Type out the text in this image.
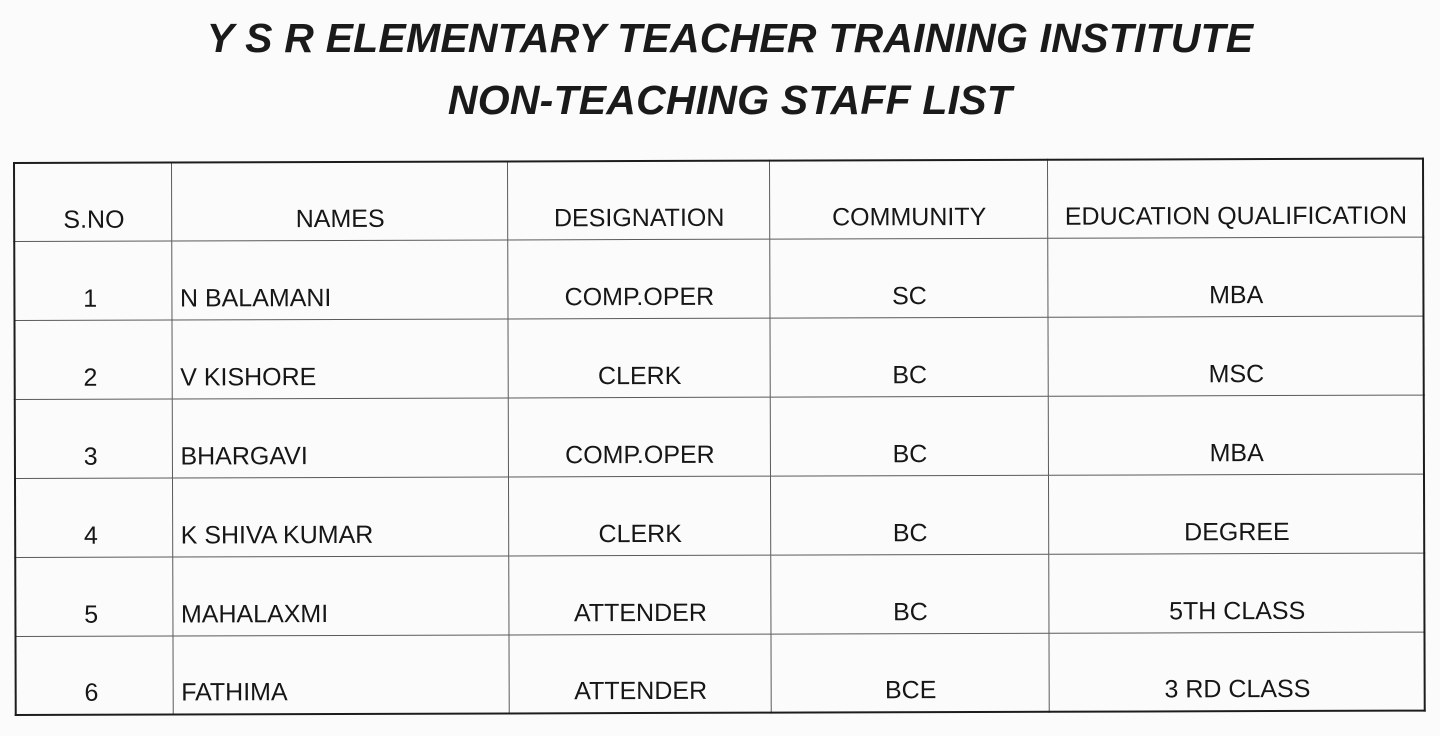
Y S R ELEMENTARY TEACHER TRAINING INSTITUTE
NON-TEACHING STAFF LIST
S.NO	NAMES	DESIGNATION	COMMUNITY	EDUCATION QUALIFICATION
1	N BALAMANI	COMP.OPER	SC	MBA
2	V KISHORE	CLERK	BC	MSC
3	BHARGAVI	COMP.OPER	BC	MBA
4	K SHIVA KUMAR	CLERK	BC	DEGREE
5	MAHALAXMI	ATTENDER	BC	5TH CLASS
6	FATHIMA	ATTENDER	BCE	3 RD CLASS
